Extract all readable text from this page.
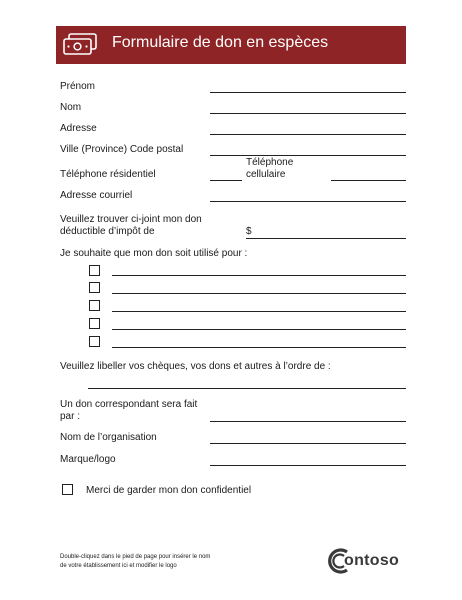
Formulaire de don en espèces
Prénom
Nom
Adresse
Ville (Province) Code postal
Téléphone résidentiel
Téléphone
cellulaire
Adresse courriel
Veuillez trouver ci-joint mon don
déductible d’impôt de	$
Je souhaite que mon don soit utilisé pour :
Veuillez libeller vos chèques, vos dons et autres à l’ordre de :
Un don correspondant sera fait
par :
Nom de l’organisation
Marque/logo
Merci de garder mon don confidentiel
Double-cliquez dans le pied de page pour insérer le nom
de votre établissement ici et modifier le logo	ontoso
